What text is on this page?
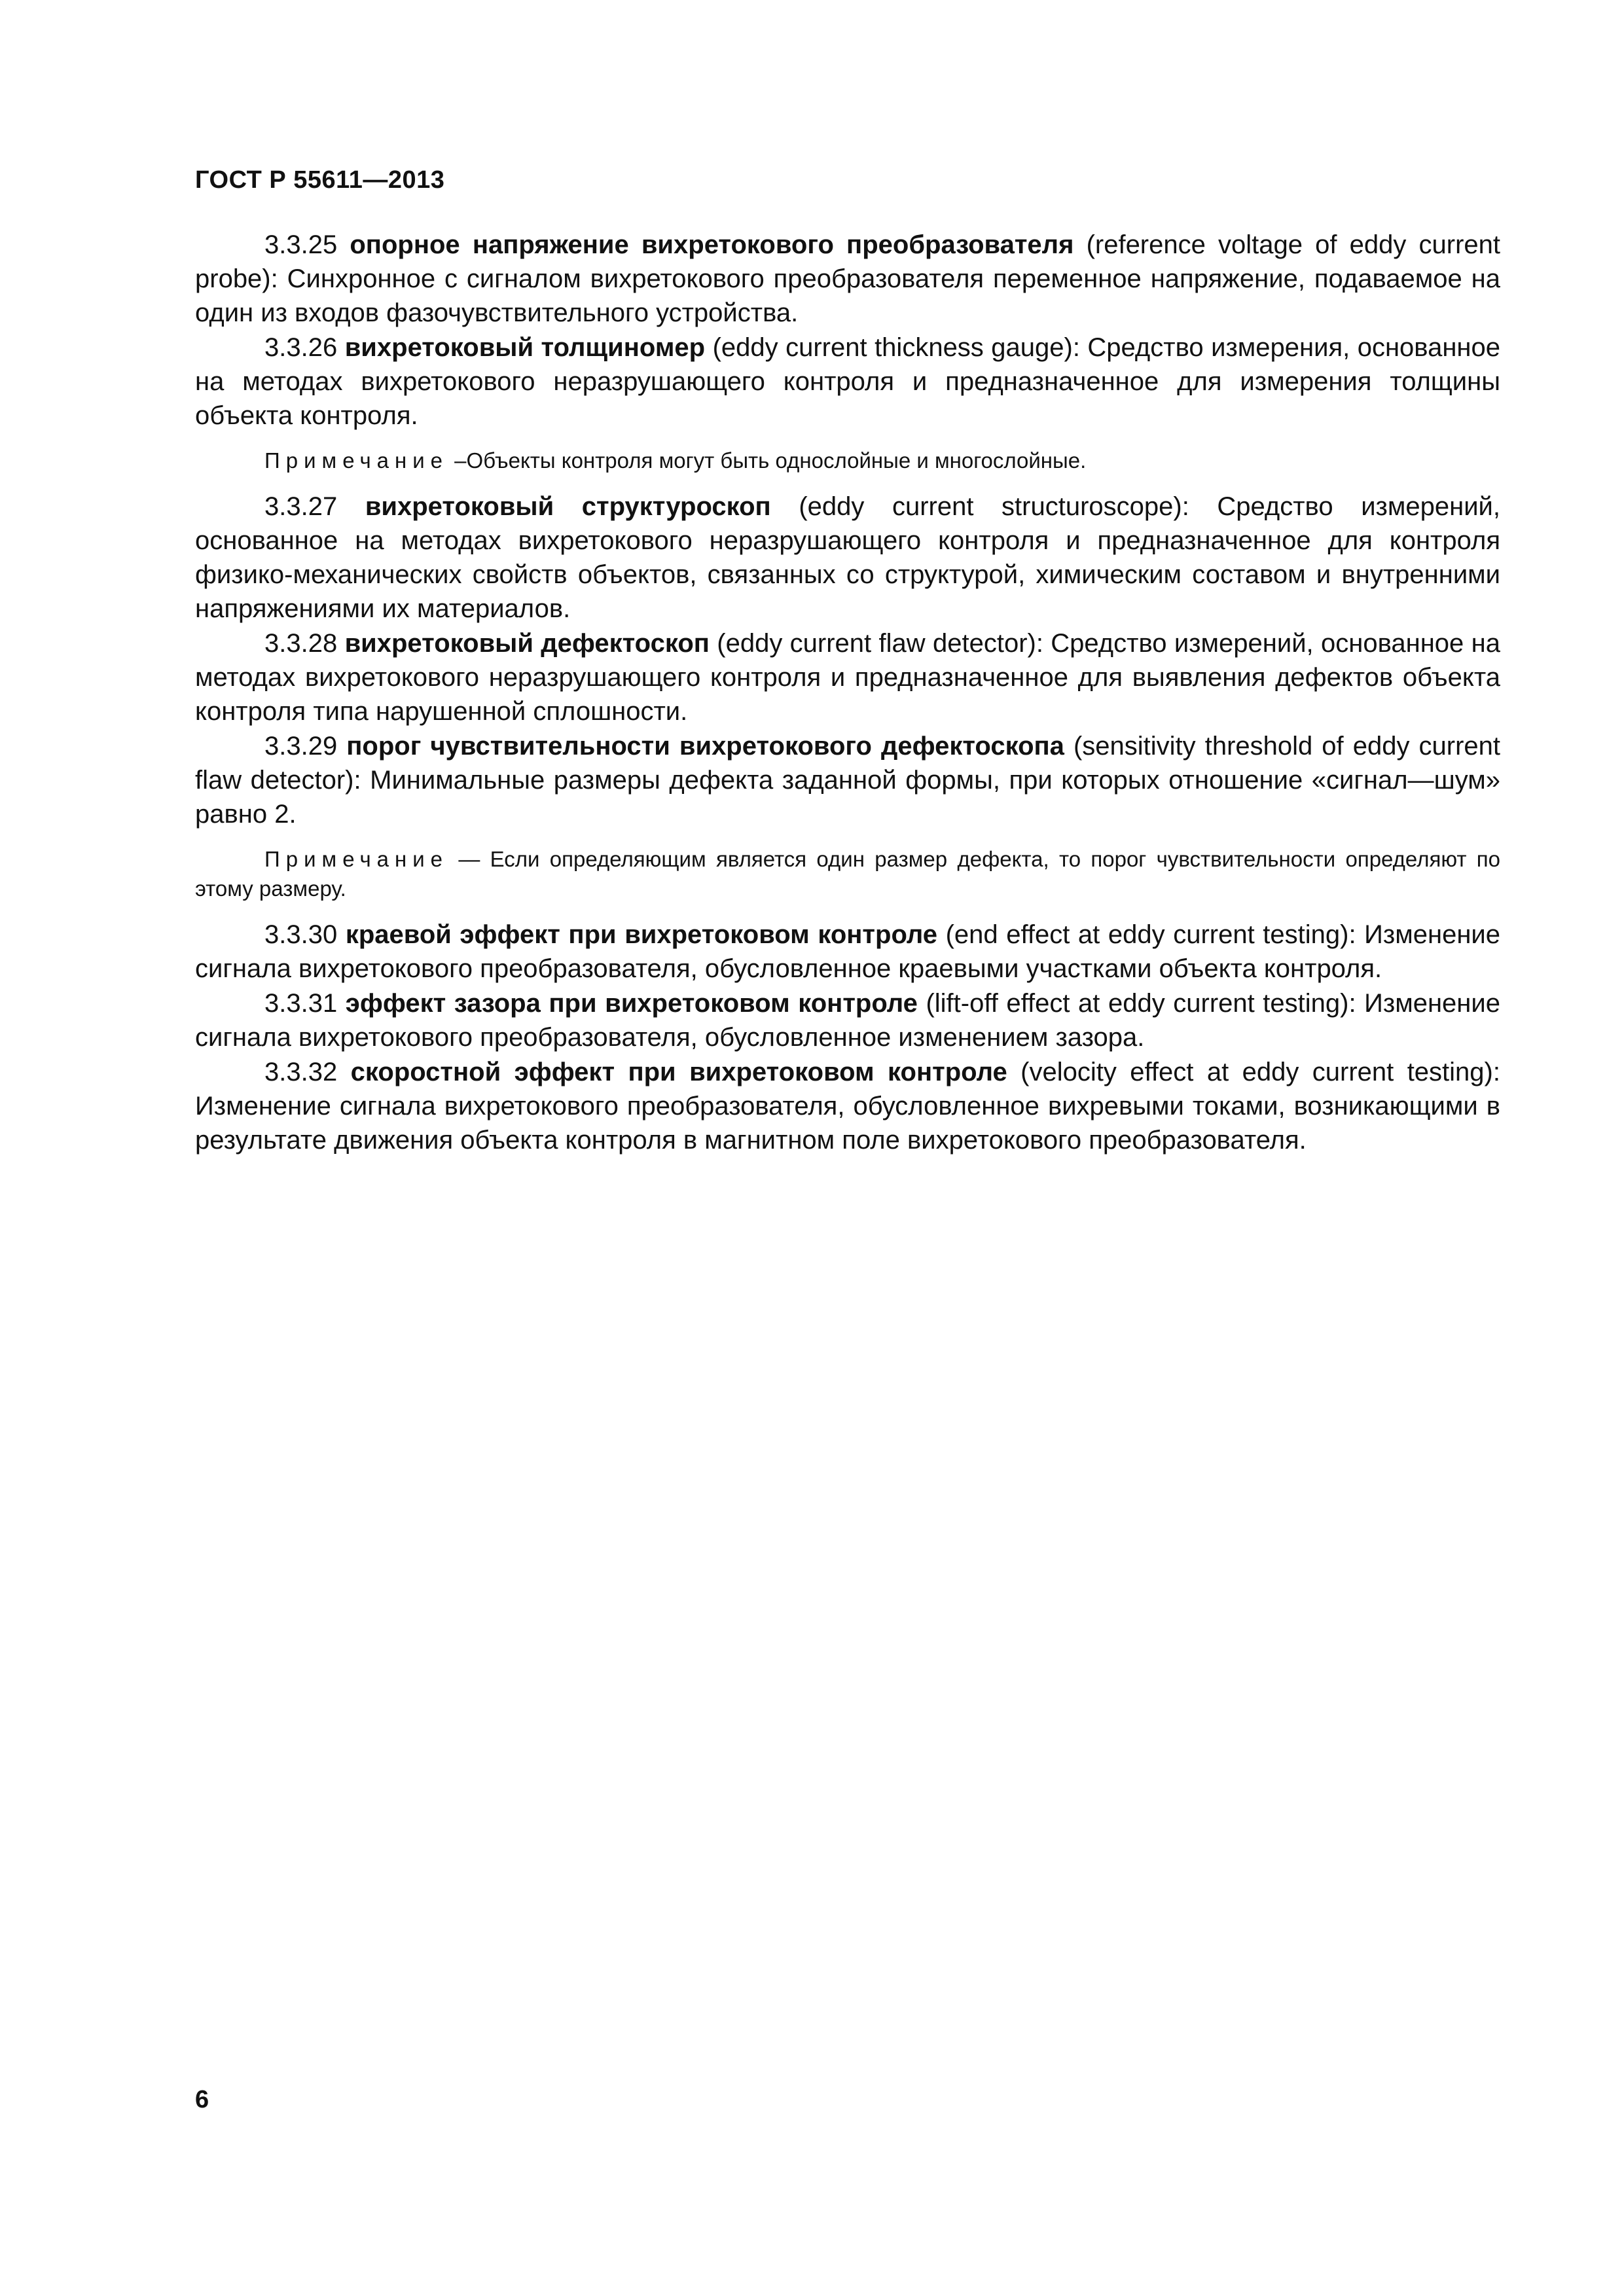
ГОСТ Р 55611—2013

3.3.25 опорное напряжение вихретокового преобразователя (reference voltage of eddy current probe): Синхронное с сигналом вихретокового преобразователя переменное напряжение, подаваемое на один из входов фазочувствительного устройства.

3.3.26 вихретоковый толщиномер (eddy current thickness gauge): Средство измерения, основанное на методах вихретокового неразрушающего контроля и предназначенное для измерения толщины объекта контроля.

Примечание –Объекты контроля могут быть однослойные и многослойные.

3.3.27 вихретоковый структуроскоп (eddy current structuroscope): Средство измерений, основанное на методах вихретокового неразрушающего контроля и предназначенное для контроля физико-механических свойств объектов, связанных со структурой, химическим составом и внутренними напряжениями их материалов.

3.3.28 вихретоковый дефектоскоп (eddy current flaw detector): Средство измерений, основанное на методах вихретокового неразрушающего контроля и предназначенное для выявления дефектов объекта контроля типа нарушенной сплошности.

3.3.29 порог чувствительности вихретокового дефектоскопа (sensitivity threshold of eddy current flaw detector): Минимальные размеры дефекта заданной формы, при которых отношение «сигнал—шум» равно 2.

Примечание — Если определяющим является один размер дефекта, то порог чувствительности определяют по этому размеру.

3.3.30 краевой эффект при вихретоковом контроле (end effect at eddy current testing): Изменение сигнала вихретокового преобразователя, обусловленное краевыми участками объекта контроля.

3.3.31 эффект зазора при вихретоковом контроле (lift-off effect at eddy current testing): Изменение сигнала вихретокового преобразователя, обусловленное изменением зазора.

3.3.32 скоростной эффект при вихретоковом контроле (velocity effect at eddy current testing): Изменение сигнала вихретокового преобразователя, обусловленное вихревыми токами, возникающими в результате движения объекта контроля в магнитном поле вихретокового преобразователя.

6
